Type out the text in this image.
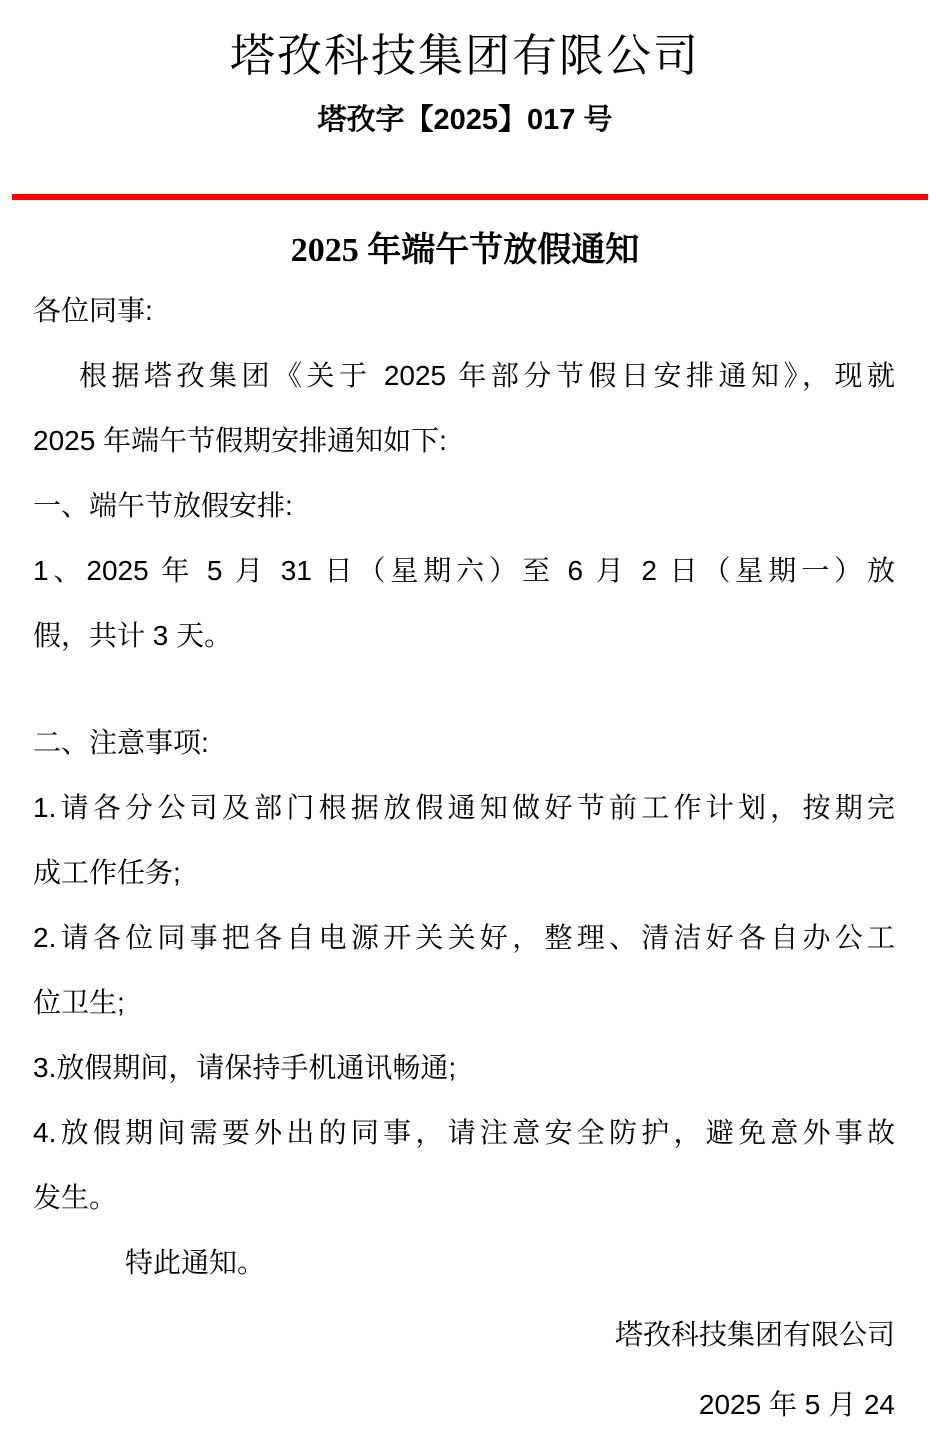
塔孜科技集团有限公司
塔孜字【2025】017 号
2025 年端午节放假通知
各位同事:
根据塔孜集团《关于 2025 年部分节假日安排通知》，现就
2025 年端午节假期安排通知如下:
一、端午节放假安排:
1、2025 年 5 月 31 日（星期六）至 6 月 2 日（星期一）放
假，共计 3 天。
二、注意事项:
1.请各分公司及部门根据放假通知做好节前工作计划，按期完
成工作任务;
2.请各位同事把各自电源开关关好，整理、清洁好各自办公工
位卫生;
3.放假期间，请保持手机通讯畅通;
4.放假期间需要外出的同事，请注意安全防护，避免意外事故
发生。
特此通知。
塔孜科技集团有限公司
2025 年 5 月 24
